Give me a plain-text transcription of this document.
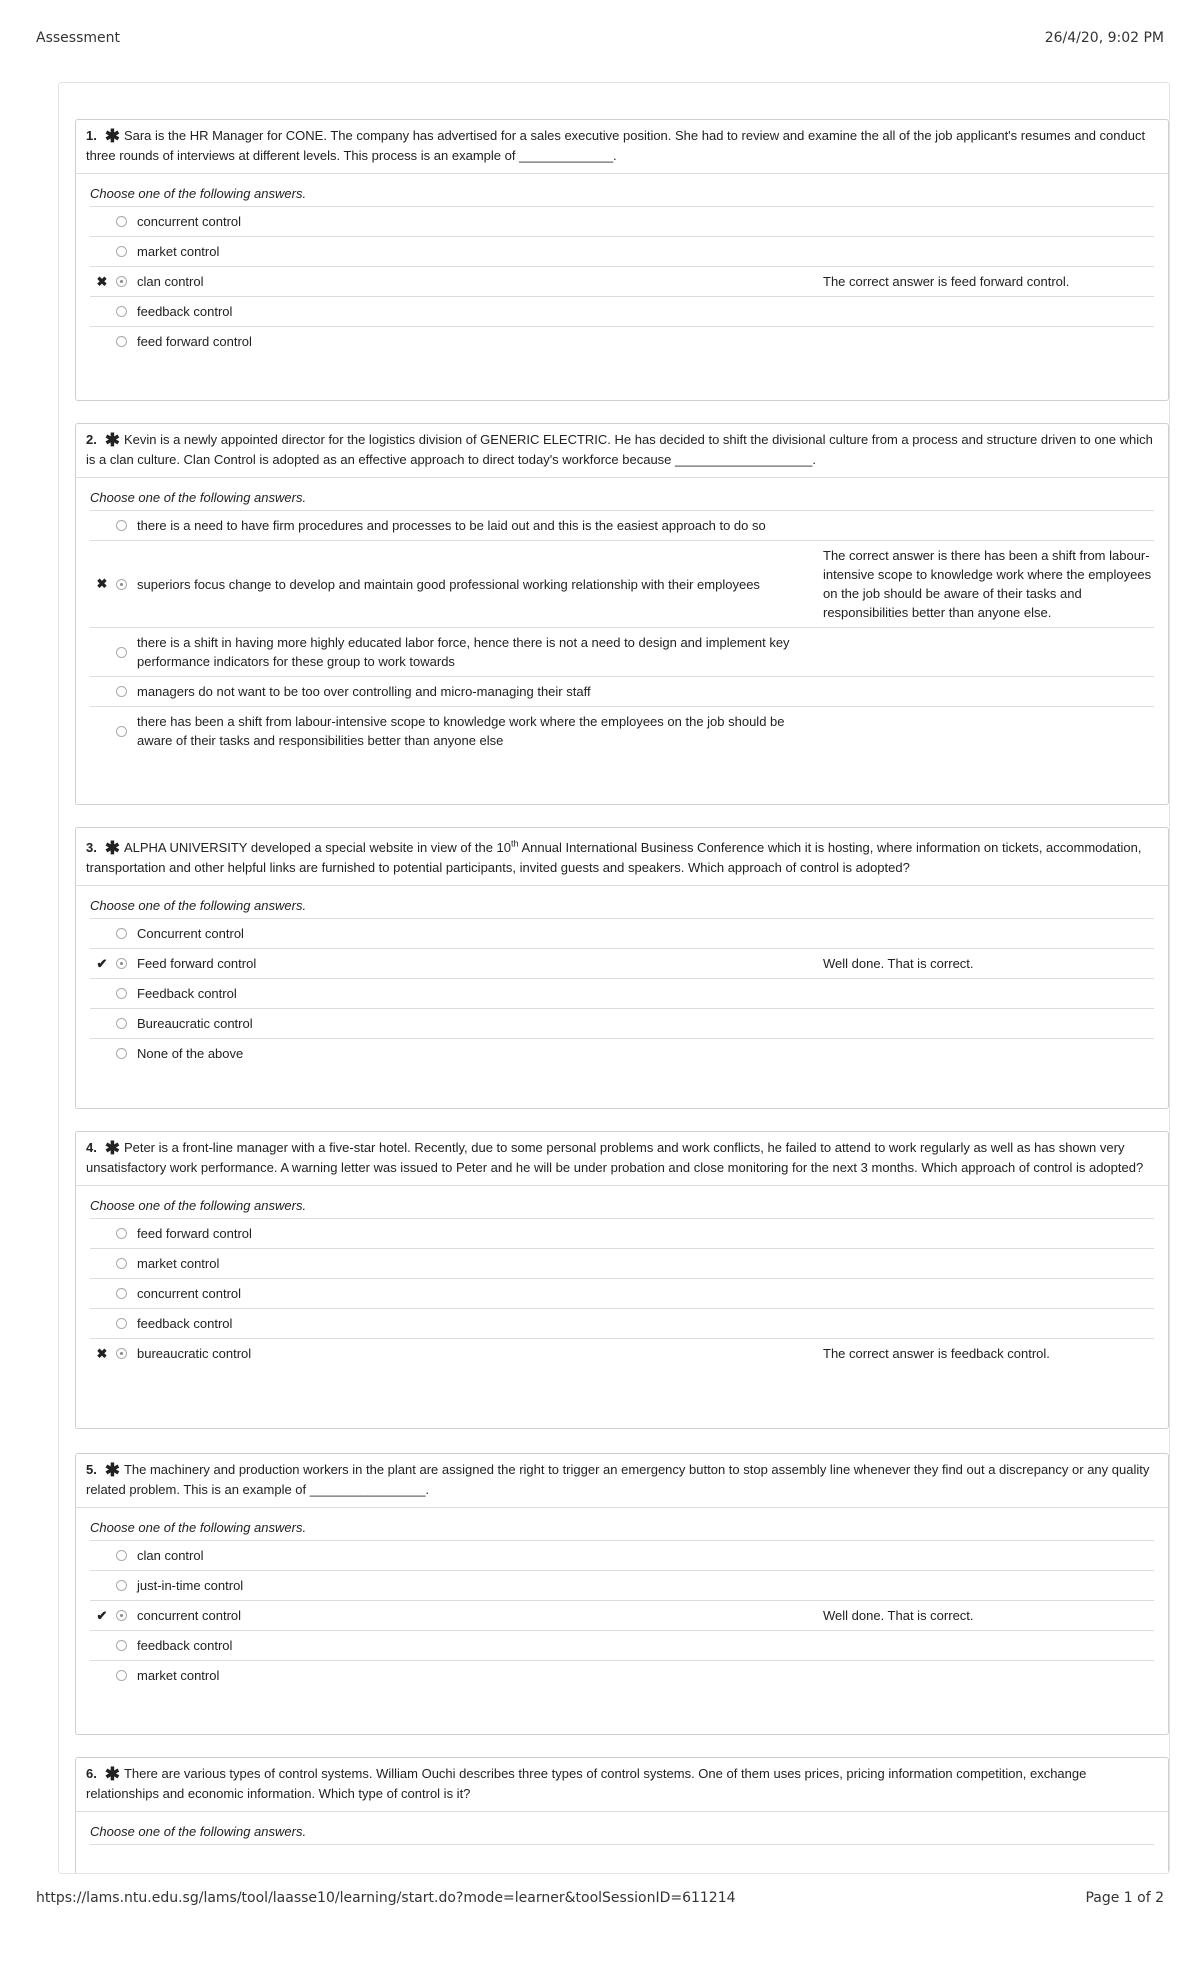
Assessment	26/4/20, 9:02 PM
1. ✱ Sara is the HR Manager for CONE. The company has advertised for a sales executive position. She had to review and examine the all of the job applicant's resumes and conduct three rounds of interviews at different levels. This process is an example of _____________.
Choose one of the following answers.
concurrent control
market control
✖	clan control	The correct answer is feed forward control.
feedback control
feed forward control
2. ✱ Kevin is a newly appointed director for the logistics division of GENERIC ELECTRIC. He has decided to shift the divisional culture from a process and structure driven to one which is a clan culture. Clan Control is adopted as an effective approach to direct today's workforce because ___________________.
Choose one of the following answers.
there is a need to have firm procedures and processes to be laid out and this is the easiest approach to do so
✖	superiors focus change to develop and maintain good professional working relationship with their employees
The correct answer is there has been a shift from labour-intensive scope to knowledge work where the employees on the job should be aware of their tasks and responsibilities better than anyone else.
there is a shift in having more highly educated labor force, hence there is not a need to design and implement key performance indicators for these group to work towards
managers do not want to be too over controlling and micro-managing their staff
there has been a shift from labour-intensive scope to knowledge work where the employees on the job should be aware of their tasks and responsibilities better than anyone else
3. ✱ ALPHA UNIVERSITY developed a special website in view of the 10th Annual International Business Conference which it is hosting, where information on tickets, accommodation, transportation and other helpful links are furnished to potential participants, invited guests and speakers. Which approach of control is adopted?
Choose one of the following answers.
Concurrent control
✔	Feed forward control	Well done. That is correct.
Feedback control
Bureaucratic control
None of the above
4. ✱ Peter is a front-line manager with a five-star hotel. Recently, due to some personal problems and work conflicts, he failed to attend to work regularly as well as has shown very unsatisfactory work performance. A warning letter was issued to Peter and he will be under probation and close monitoring for the next 3 months. Which approach of control is adopted?
Choose one of the following answers.
feed forward control
market control
concurrent control
feedback control
✖	bureaucratic control	The correct answer is feedback control.
5. ✱ The machinery and production workers in the plant are assigned the right to trigger an emergency button to stop assembly line whenever they find out a discrepancy or any quality related problem. This is an example of ________________.
Choose one of the following answers.
clan control
just-in-time control
✔	concurrent control	Well done. That is correct.
feedback control
market control
6. ✱ There are various types of control systems. William Ouchi describes three types of control systems. One of them uses prices, pricing information competition, exchange relationships and economic information. Which type of control is it?
Choose one of the following answers.
https://lams.ntu.edu.sg/lams/tool/laasse10/learning/start.do?mode=learner&toolSessionID=611214	Page 1 of 2
